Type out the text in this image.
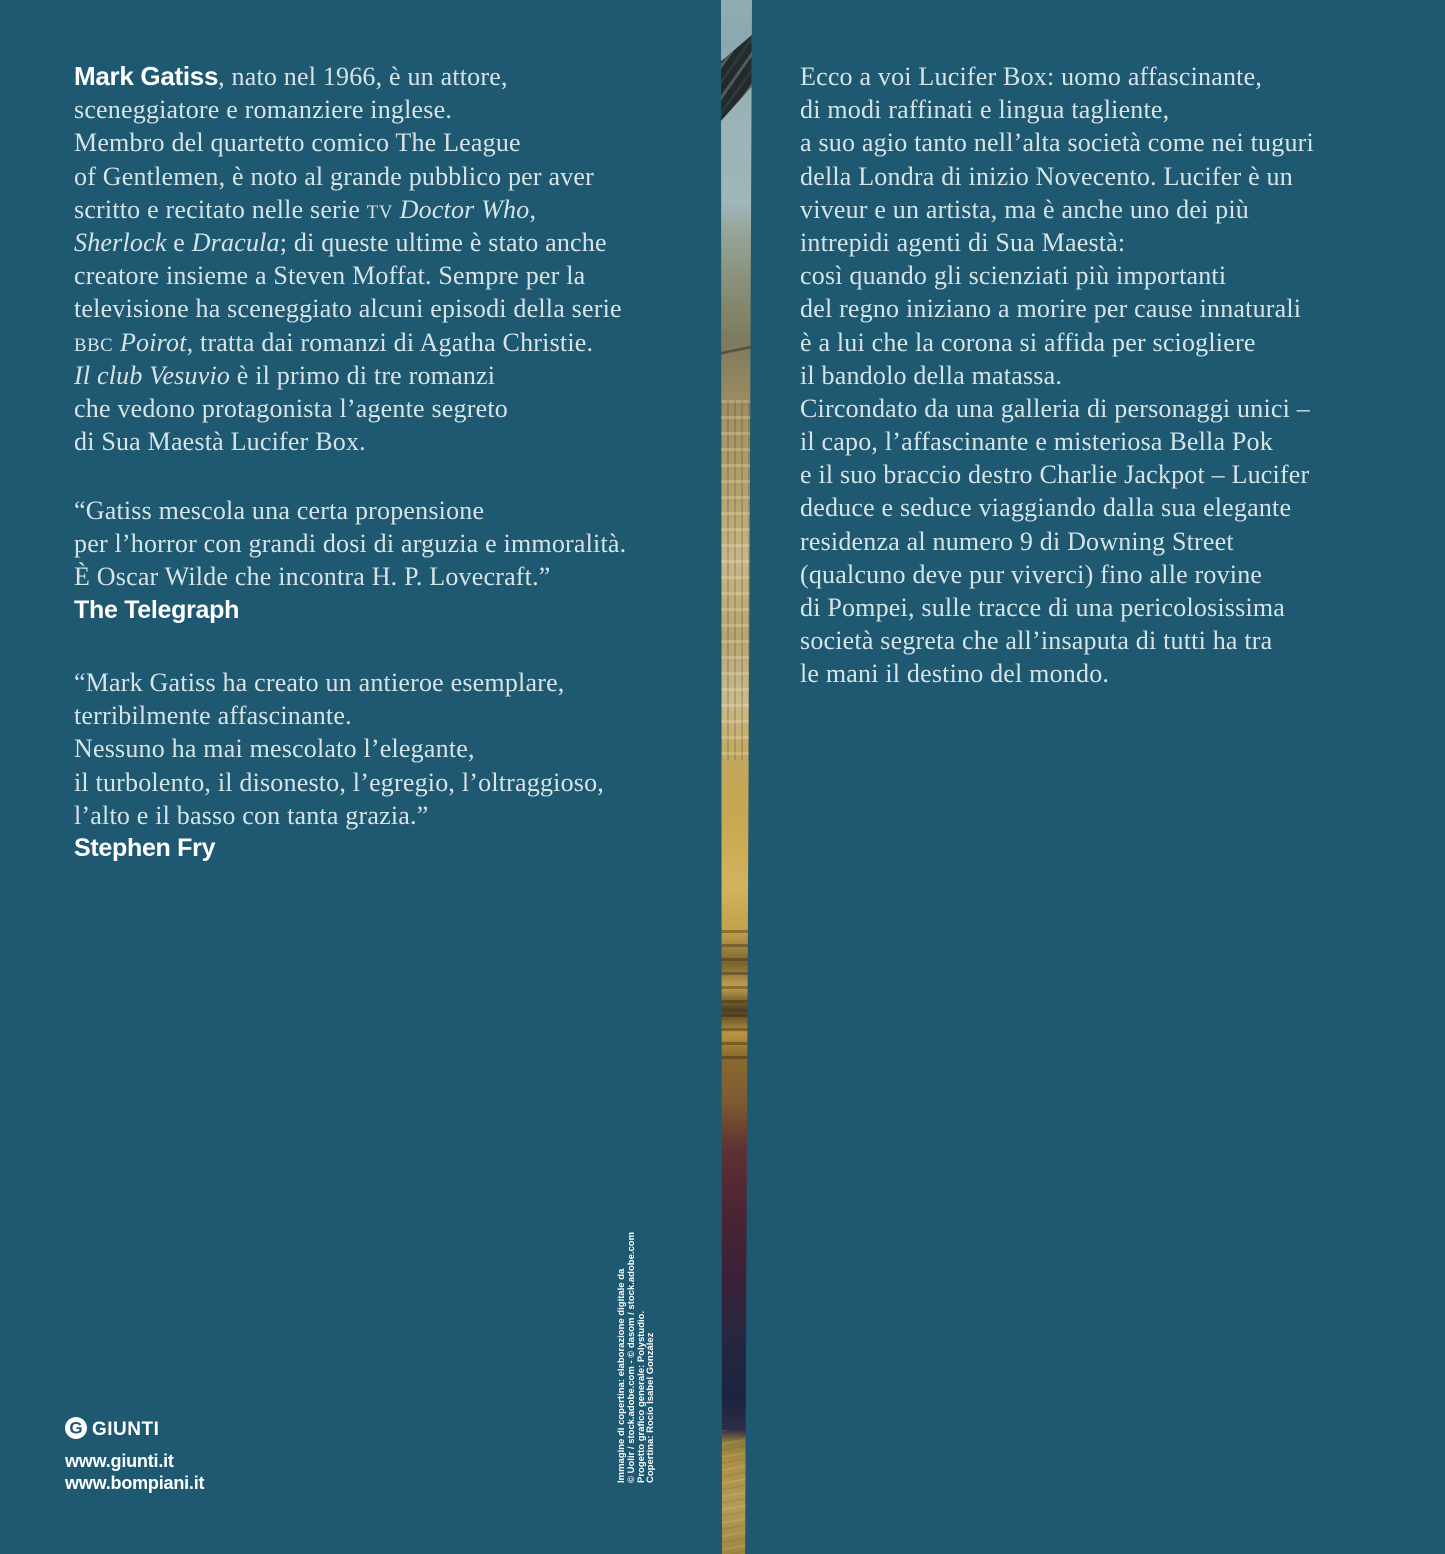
Mark Gatiss, nato nel 1966, è un attore,
sceneggiatore e romanziere inglese.
Membro del quartetto comico The League
of Gentlemen, è noto al grande pubblico per aver
scritto e recitato nelle serie TV Doctor Who,
Sherlock e Dracula; di queste ultime è stato anche
creatore insieme a Steven Moffat. Sempre per la
televisione ha sceneggiato alcuni episodi della serie
BBC Poirot, tratta dai romanzi di Agatha Christie.
Il club Vesuvio è il primo di tre romanzi
che vedono protagonista l’agente segreto
di Sua Maestà Lucifer Box.
“Gatiss mescola una certa propensione
per l’horror con grandi dosi di arguzia e immoralità.
È Oscar Wilde che incontra H. P. Lovecraft.”
The Telegraph
“Mark Gatiss ha creato un antieroe esemplare,
terribilmente affascinante.
Nessuno ha mai mescolato l’elegante,
il turbolento, il disonesto, l’egregio, l’oltraggioso,
l’alto e il basso con tanta grazia.”
Stephen Fry
G GIUNTI
www.giunti.it
www.bompiani.it	Immagine di copertina: elaborazione digitale da
© Uolir / stock.adobe.com - © dasom / stock.adobe.com
Progetto grafico generale: Polystudio.
Copertina: Rocío Isabel González
Ecco a voi Lucifer Box: uomo affascinante,
di modi raffinati e lingua tagliente,
a suo agio tanto nell’alta società come nei tuguri
della Londra di inizio Novecento. Lucifer è un
viveur e un artista, ma è anche uno dei più
intrepidi agenti di Sua Maestà:
così quando gli scienziati più importanti
del regno iniziano a morire per cause innaturali
è a lui che la corona si affida per sciogliere
il bandolo della matassa.
Circondato da una galleria di personaggi unici –
il capo, l’affascinante e misteriosa Bella Pok
e il suo braccio destro Charlie Jackpot – Lucifer
deduce e seduce viaggiando dalla sua elegante
residenza al numero 9 di Downing Street
(qualcuno deve pur viverci) fino alle rovine
di Pompei, sulle tracce di una pericolosissima
società segreta che all’insaputa di tutti ha tra
le mani il destino del mondo.
